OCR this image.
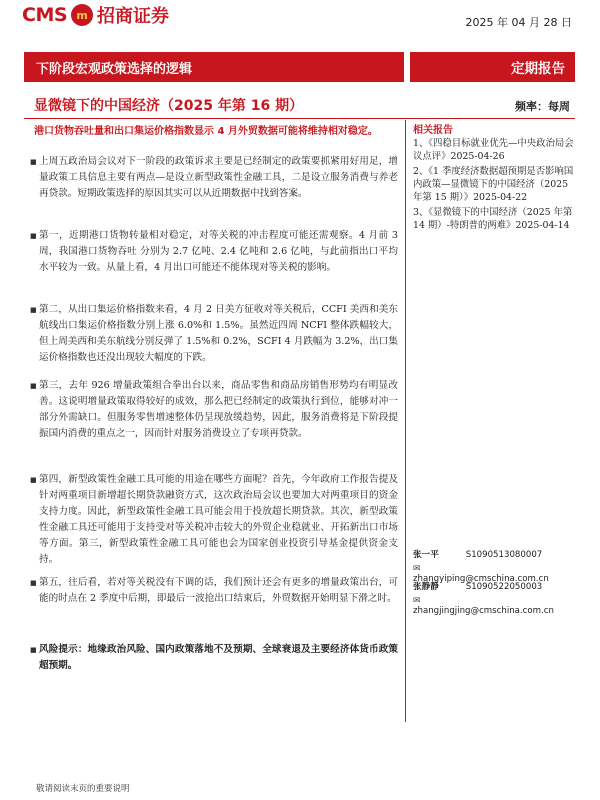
CMS m 招商证券	2025 年 04 月 28 日
下阶段宏观政策选择的逻辑	定期报告
显微镜下的中国经济（2025 年第 16 期）	频率：每周
港口货物吞吐量和出口集运价格指数显示 4 月外贸数据可能将维持相对稳定。
■ 上周五政治局会议对下一阶段的政策诉求主要是已经制定的政策要抓紧用好用足，增量政策工具信息主要有两点—是设立新型政策性金融工具，二是设立服务消费与养老再贷款。短期政策选择的原因其实可以从近期数据中找到答案。
■ 第一，近期港口货物转量相对稳定，对等关税的冲击程度可能还需观察。4 月前 3 周，我国港口货物吞吐 分别为 2.7 亿吨、2.4 亿吨和 2.6 亿吨，与此前指出口平均水平较为一致。从量上看，4 月出口可能还不能体现对等关税的影响。
■ 第二，从出口集运价格指数来看，4 月 2 日美方征收对等关税后，CCFI 美西和美东航线出口集运价格指数分别上涨 6.0%和 1.5%。虽然近四周 NCFI 整体跌幅较大，但上周美西和美东航线分别反弹了 1.5%和 0.2%，SCFI 4 月跌幅为 3.2%，出口集运价格指数也还没出现较大幅度的下跌。
■ 第三，去年 926 增量政策组合拳出台以来，商品零售和商品房销售形势均有明显改善。这说明增量政策取得较好的成效，那么把已经制定的政策执行到位，能够对冲一部分外需缺口。但服务零售增速整体仍呈现放缓趋势，因此，服务消费将是下阶段提振国内消费的重点之一，因而针对服务消费设立了专项再贷款。
■ 第四，新型政策性金融工具可能的用途在哪些方面呢？首先，今年政府工作报告提及针对两重项目新增超长期贷款融资方式，这次政治局会议也要加大对两重项目的资金支持力度。因此，新型政策性金融工具可能会用于投放超长期贷款。其次，新型政策性金融工具还可能用于支持受对等关税冲击较大的外贸企业稳就业、开拓新出口市场等方面。第三，新型政策性金融工具可能也会为国家创业投资引导基金提供资金支持。
■ 第五，往后看，若对等关税没有下调的话，我们预计还会有更多的增量政策出台，可能的时点在 2 季度中后期，即最后一波抢出口结束后，外贸数据开始明显下滑之时。
■ 风险提示：地缘政治风险、国内政策落地不及预期、全球衰退及主要经济体货币政策超预期。
相关报告
1、《四稳目标就业优先—中央政治局会议点评》2025-04-26
2、《1 季度经济数据超预期是否影响国内政策—显微镜下的中国经济（2025 年第 15 期）》2025-04-22
3、《显微镜下的中国经济（2025 年第 14 期）-特朗普的两难》2025-04-14
张一平	S1090513080007
✉ zhangyiping@cmschina.com.cn
张静静	S1090522050003
✉ zhangjingjing@cmschina.com.cn
敬请阅读末页的重要说明
